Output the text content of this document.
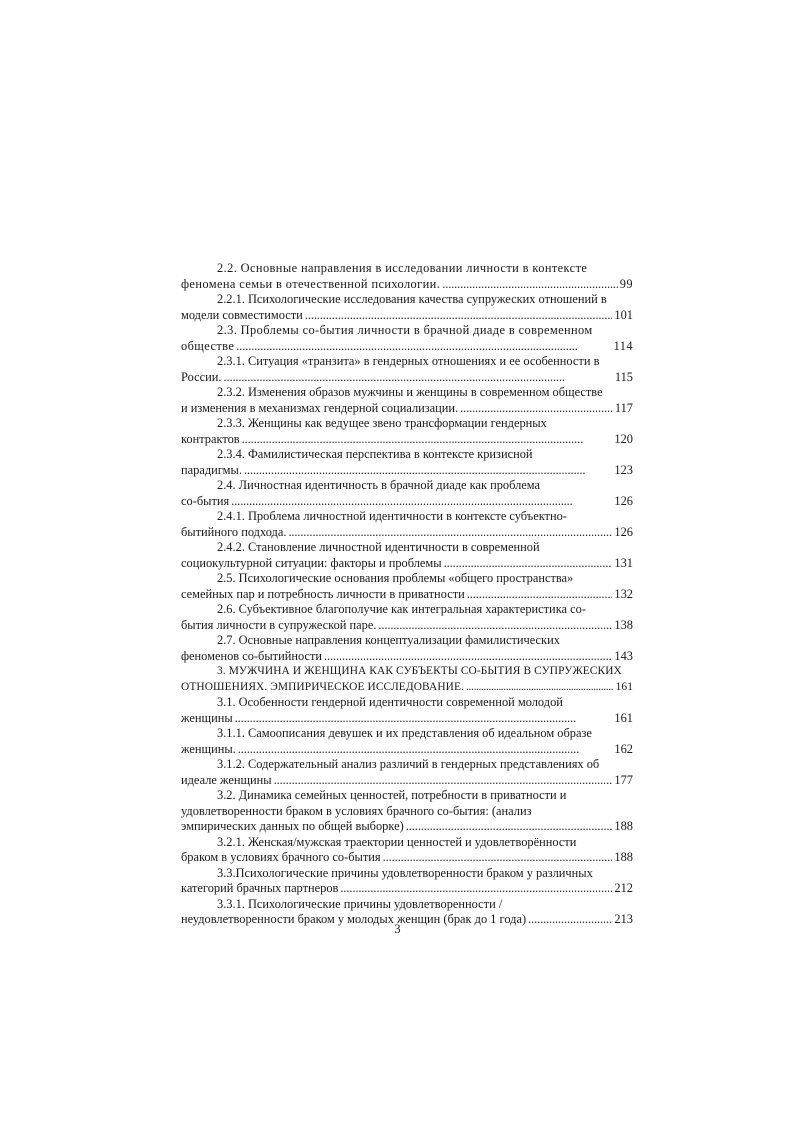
2.2. Основные направления в исследовании личности в контексте
феномена семьи в отечественной психологии. . . .	99
2.2.1. Психологические исследования качества супружеских отношений в
модели совместимости . . .	101
2.3. Проблемы со-бытия личности в брачной диаде в современном
обществе . . .	114
2.3.1. Ситуация «транзита» в гендерных отношениях и ее особенности в
России. . . .	115
2.3.2. Изменения образов мужчины и женщины в современном обществе
и изменения в механизмах гендерной социализации. . . .	117
2.3.3. Женщины как ведущее звено трансформации гендерных
контрактов . . .	120
2.3.4. Фамилистическая перспектива в контексте кризисной
парадигмы. . . .	123
2.4. Личностная идентичность в брачной диаде как проблема
со-бытия . . .	126
2.4.1. Проблема личностной идентичности в контексте субъектно-
бытийного подхода. . . .	126
2.4.2. Становление личностной идентичности в современной
социокультурной ситуации: факторы и проблемы . . .	131
2.5. Психологические основания проблемы «общего пространства»
семейных пар и потребность личности в приватности . . .	132
2.6. Субъективное благополучие как интегральная характеристика со-
бытия личности в супружеской паре. . . .	138
2.7. Основные направления концептуализации фамилистических
феноменов со-бытийности . . .	143
3. МУЖЧИНА И ЖЕНЩИНА КАК СУБЪЕКТЫ СО-БЫТИЯ В СУПРУЖЕСКИХ
ОТНОШЕНИЯХ. ЭМПИРИЧЕСКОЕ ИССЛЕДОВАНИЕ. . . .	161
3.1. Особенности гендерной идентичности современной молодой
женщины . . .	161
3.1.1. Самоописания девушек и их представления об идеальном образе
женщины. . . .	162
3.1.2. Содержательный анализ различий в гендерных представлениях об
идеале женщины . . .	177
3.2. Динамика семейных ценностей, потребности в приватности и
удовлетворенности браком в условиях брачного со-бытия: (анализ
эмпирических данных по общей выборке) . . .	188
3.2.1. Женская/мужская траектории ценностей и удовлетворённости
браком в условиях брачного со-бытия . . .	188
3.3.Психологические причины удовлетворенности браком у различных
категорий брачных партнеров . . .	212
3.3.1. Психологические причины удовлетворенности /
неудовлетворенности браком у молодых женщин (брак до 1 года) . . .	213
3
